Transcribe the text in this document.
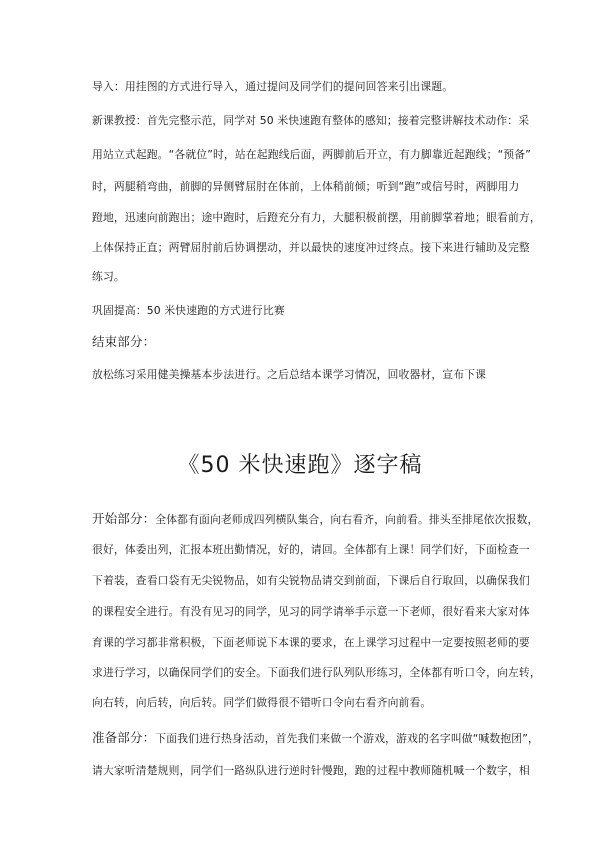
导入：用挂图的方式进行导入，通过提问及同学们的提问回答来引出课题。
新课教授：首先完整示范，同学对 50 米快速跑有整体的感知；接着完整讲解技术动作：采
用站立式起跑。“各就位”时，站在起跑线后面，两脚前后开立，有力脚靠近起跑线；“预备”
时，两腿稍弯曲，前脚的异侧臂屈肘在体前，上体稍前倾；听到“跑”或信号时，两脚用力
蹬地，迅速向前跑出；途中跑时，后蹬充分有力，大腿积极前摆，用前脚掌着地；眼看前方，
上体保持正直；两臂屈肘前后协调摆动，并以最快的速度冲过终点。接下来进行辅助及完整
练习。
巩固提高：50 米快速跑的方式进行比赛
结束部分：
放松练习采用健美操基本步法进行。之后总结本课学习情况，回收器材，宣布下课
《50 米快速跑》逐字稿
开始部分：全体都有面向老师成四列横队集合，向右看齐，向前看。排头至排尾依次报数，
很好，体委出列，汇报本班出勤情况，好的，请回。全体都有上课！同学们好，下面检查一
下着装，查看口袋有无尖锐物品，如有尖锐物品请交到前面，下课后自行取回，以确保我们
的课程安全进行。有没有见习的同学，见习的同学请举手示意一下老师，很好看来大家对体
育课的学习都非常积极，下面老师说下本课的要求，在上课学习过程中一定要按照老师的要
求进行学习，以确保同学们的安全。下面我们进行队列队形练习，全体都有听口令，向左转，
向右转，向后转，向后转。同学们做得很不错听口令向右看齐向前看。
准备部分：下面我们进行热身活动，首先我们来做一个游戏，游戏的名字叫做“喊数抱团”，
请大家听清楚规则，同学们一路纵队进行逆时针慢跑，跑的过程中教师随机喊一个数字，相
